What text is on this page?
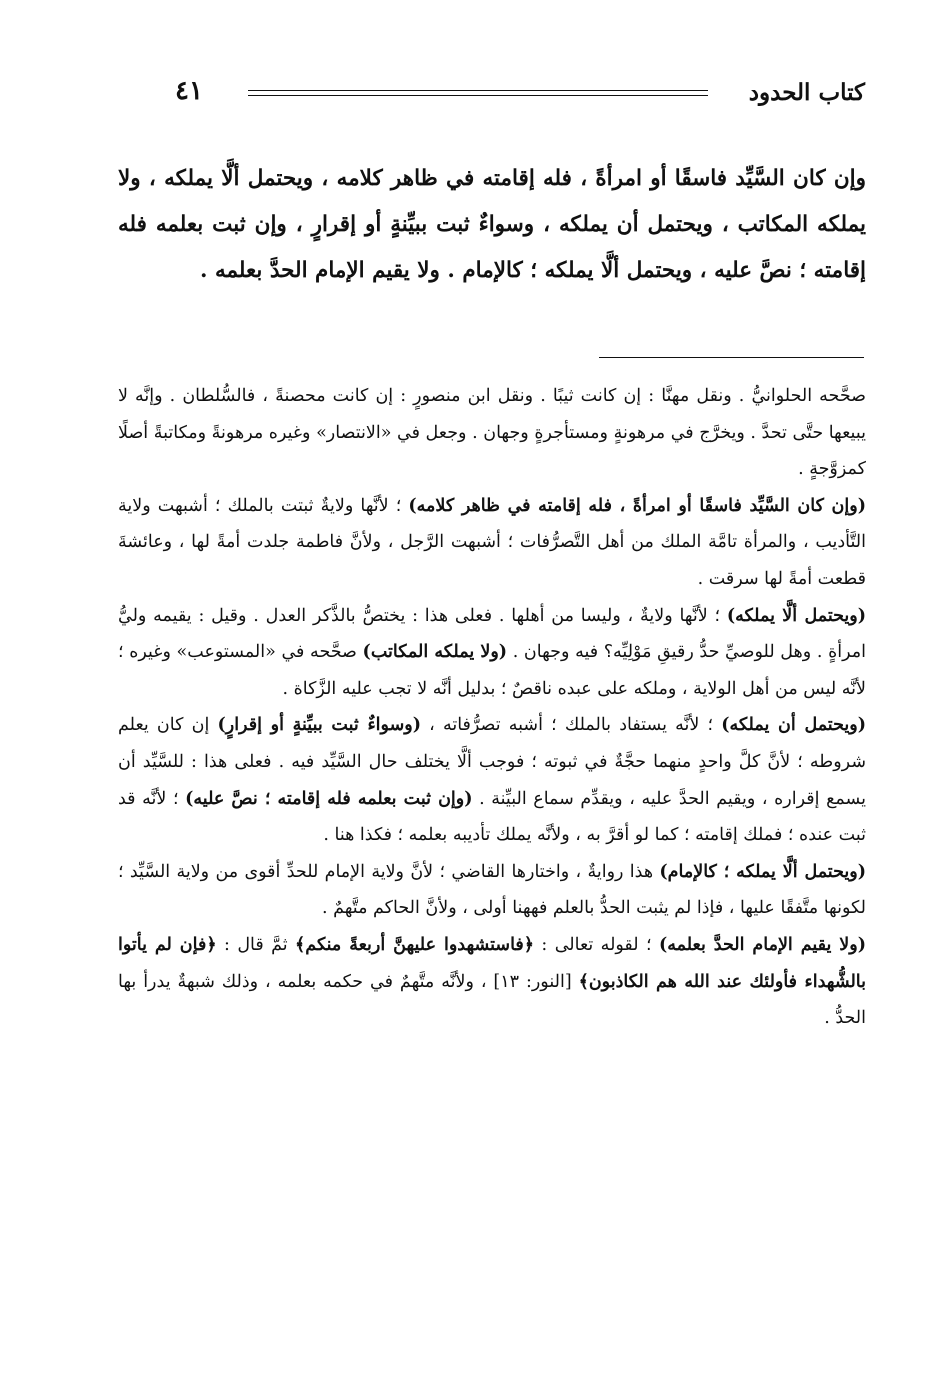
٤١	كتاب الحدود
وإن كان السَّيِّد فاسقًا أو امرأةً ، فله إقامته في ظاهر كلامه ، ويحتمل ألَّا يملكه ، ولا يملكه المكاتب ، ويحتمل أن يملكه ، وسواءٌ ثبت ببيِّنةٍ أو إقرارٍ ، وإن ثبت بعلمه فله إقامته ؛ نصَّ عليه ، ويحتمل ألَّا يملكه ؛ كالإمام . ولا يقيم الإمام الحدَّ بعلمه .

صحَّحه الحلوانيُّ . ونقل مهنَّا : إن كانت ثيبًا . ونقل ابن منصورٍ : إن كانت محصنةً ، فالسُّلطان . وإنَّه لا يبيعها حتَّى تحدَّ . ويخرَّج في مرهونةٍ ومستأجرةٍ وجهان . وجعل في «الانتصار» وغيره مرهونةً ومكاتبةً أصلًا كمزوَّجةٍ .

(وإن كان السَّيِّد فاسقًا أو امرأةً ، فله إقامته في ظاهر كلامه) ؛ لأنَّها ولايةٌ ثبتت بالملك ؛ أشبهت ولاية التَّأديب ، والمرأة تامَّة الملك من أهل التَّصرُّفات ؛ أشبهت الرَّجل ، ولأنَّ فاطمة جلدت أمةً لها ، وعائشةَ قطعت أمةً لها سرقت .

(ويحتمل ألَّا يملكه) ؛ لأنَّها ولايةٌ ، وليسا من أهلها . فعلى هذا : يختصُّ بالذَّكر العدل . وقيل : يقيمه وليُّ امرأةٍ . وهل للوصيِّ حدُّ رقيقِ مَوْلِيِّه؟ فيه وجهان . (ولا يملكه المكاتب) صحَّحه في «المستوعب» وغيره ؛ لأنَّه ليس من أهل الولاية ، وملكه على عبده ناقصٌ ؛ بدليل أنَّه لا تجب عليه الزَّكاة .

(ويحتمل أن يملكه) ؛ لأنَّه يستفاد بالملك ؛ أشبه تصرُّفاته ، (وسواءٌ ثبت ببيِّنةٍ أو إقرارٍ) إن كان يعلم شروطه ؛ لأنَّ كلَّ واحدٍ منهما حجَّةٌ في ثبوته ؛ فوجب ألَّا يختلف حال السَّيِّد فيه . فعلى هذا : للسَّيِّد أن يسمع إقراره ، ويقيم الحدَّ عليه ، ويقدِّم سماع البيِّنة . (وإن ثبت بعلمه فله إقامته ؛ نصَّ عليه) ؛ لأنَّه قد ثبت عنده ؛ فملك إقامته ؛ كما لو أقرَّ به ، ولأنَّه يملك تأديبه بعلمه ؛ فكذا هنا .

(ويحتمل ألَّا يملكه ؛ كالإمام) هذا روايةٌ ، واختارها القاضي ؛ لأنَّ ولاية الإمام للحدِّ أقوى من ولاية السَّيِّد ؛ لكونها متَّفقًا عليها ، فإذا لم يثبت الحدُّ بالعلم فههنا أولى ، ولأنَّ الحاكم متَّهمٌ .

(ولا يقيم الإمام الحدَّ بعلمه) ؛ لقوله تعالى : ﴿فاستشهدوا عليهنَّ أربعةً منكم﴾ ثمَّ قال : ﴿فإن لم يأتوا بالشُّهداء فأولئك عند الله هم الكاذبون﴾ [النور: ١٣] ، ولأنَّه متَّهمٌ في حكمه بعلمه ، وذلك شبهةٌ يدرأ بها الحدُّ .
